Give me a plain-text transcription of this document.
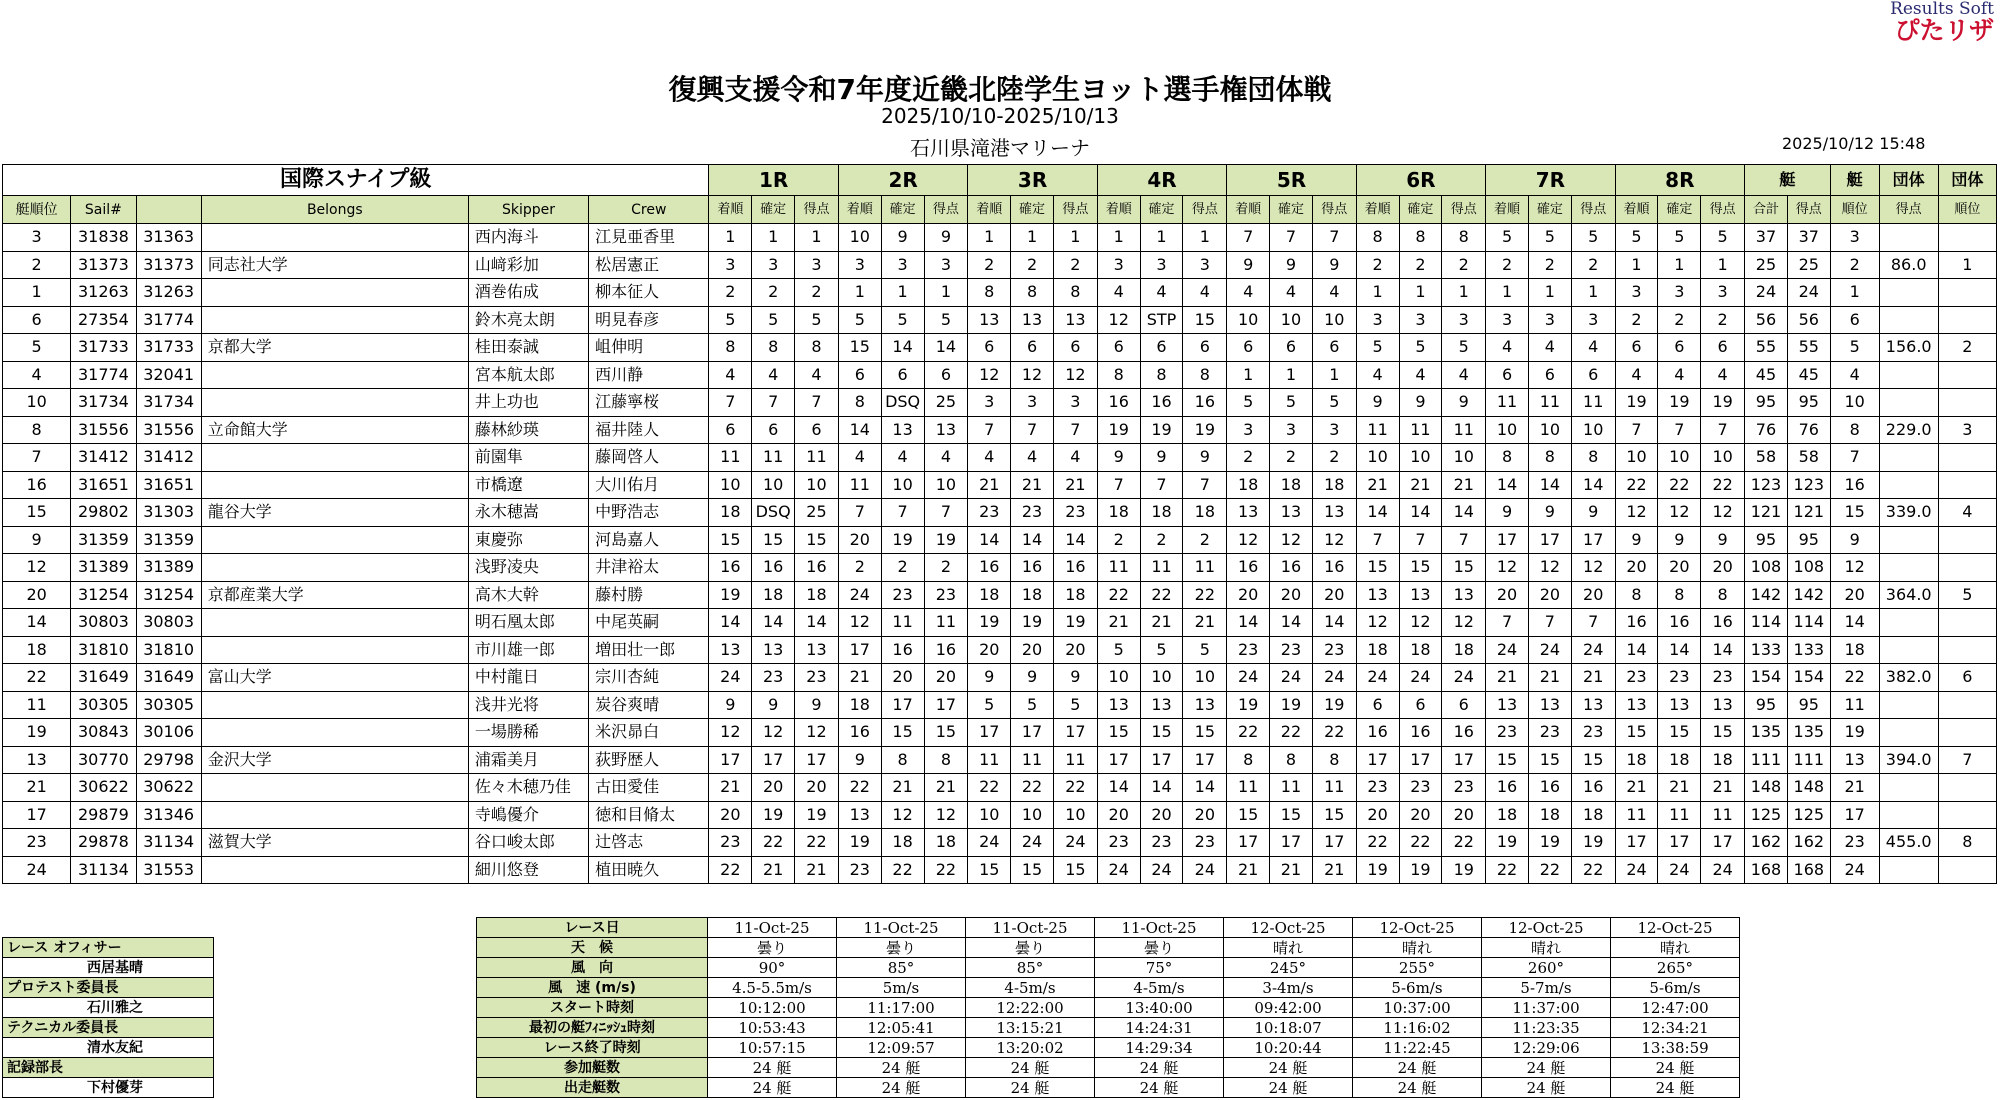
Results Soft
ぴたリザ
復興支援令和7年度近畿北陸学生ヨット選手権団体戦
2025/10/10-2025/10/13
石川県滝港マリーナ	2025/10/12 15:48
国際スナイプ級						1R			2R			3R			4R			5R			6R			7R			8R			艇		艇	団体	団体
艇順位	Sail#		Belongs	Skipper	Crew	着順	確定	得点	着順	確定	得点	着順	確定	得点	着順	確定	得点	着順	確定	得点	着順	確定	得点	着順	確定	得点	着順	確定	得点	合計	得点	順位	得点	順位
3	31838	31363		西内海斗	江見亜香里	1	1	1	10	9	9	1	1	1	1	1	1	7	7	7	8	8	8	5	5	5	5	5	5	37	37	3		
2	31373	31373	同志社大学	山﨑彩加	松居憲正	3	3	3	3	3	3	2	2	2	3	3	3	9	9	9	2	2	2	2	2	2	1	1	1	25	25	2	86.0	1
1	31263	31263		酒巻佑成	柳本征人	2	2	2	1	1	1	8	8	8	4	4	4	4	4	4	1	1	1	1	1	1	3	3	3	24	24	1		
6	27354	31774		鈴木亮太朗	明見春彦	5	5	5	5	5	5	13	13	13	12	STP	15	10	10	10	3	3	3	3	3	3	2	2	2	56	56	6		
5	31733	31733	京都大学	桂田泰誠	岨伸明	8	8	8	15	14	14	6	6	6	6	6	6	6	6	6	5	5	5	4	4	4	6	6	6	55	55	5	156.0	2
4	31774	32041		宮本航太郎	西川静	4	4	4	6	6	6	12	12	12	8	8	8	1	1	1	4	4	4	6	6	6	4	4	4	45	45	4		
10	31734	31734		井上功也	江藤寧桜	7	7	7	8	DSQ	25	3	3	3	16	16	16	5	5	5	9	9	9	11	11	11	19	19	19	95	95	10		
8	31556	31556	立命館大学	藤林紗瑛	福井陸人	6	6	6	14	13	13	7	7	7	19	19	19	3	3	3	11	11	11	10	10	10	7	7	7	76	76	8	229.0	3
7	31412	31412		前園隼	藤岡啓人	11	11	11	4	4	4	4	4	4	9	9	9	2	2	2	10	10	10	8	8	8	10	10	10	58	58	7		
16	31651	31651		市橋遼	大川佑月	10	10	10	11	10	10	21	21	21	7	7	7	18	18	18	21	21	21	14	14	14	22	22	22	123	123	16		
15	29802	31303	龍谷大学	永木穂嵩	中野浩志	18	DSQ	25	7	7	7	23	23	23	18	18	18	13	13	13	14	14	14	9	9	9	12	12	12	121	121	15	339.0	4
9	31359	31359		東慶弥	河島嘉人	15	15	15	20	19	19	14	14	14	2	2	2	12	12	12	7	7	7	17	17	17	9	9	9	95	95	9		
12	31389	31389		浅野凌央	井津裕太	16	16	16	2	2	2	16	16	16	11	11	11	16	16	16	15	15	15	12	12	12	20	20	20	108	108	12		
20	31254	31254	京都産業大学	高木大幹	藤村勝	19	18	18	24	23	23	18	18	18	22	22	22	20	20	20	13	13	13	20	20	20	8	8	8	142	142	20	364.0	5
14	30803	30803		明石凰太郎	中尾英嗣	14	14	14	12	11	11	19	19	19	21	21	21	14	14	14	12	12	12	7	7	7	16	16	16	114	114	14		
18	31810	31810		市川雄一郎	増田壮一郎	13	13	13	17	16	16	20	20	20	5	5	5	23	23	23	18	18	18	24	24	24	14	14	14	133	133	18		
22	31649	31649	富山大学	中村龍日	宗川杏純	24	23	23	21	20	20	9	9	9	10	10	10	24	24	24	24	24	24	21	21	21	23	23	23	154	154	22	382.0	6
11	30305	30305		浅井光将	炭谷爽晴	9	9	9	18	17	17	5	5	5	13	13	13	19	19	19	6	6	6	13	13	13	13	13	13	95	95	11		
19	30843	30106		一場勝稀	米沢昴白	12	12	12	16	15	15	17	17	17	15	15	15	22	22	22	16	16	16	23	23	23	15	15	15	135	135	19		
13	30770	29798	金沢大学	浦霜美月	荻野歴人	17	17	17	9	8	8	11	11	11	17	17	17	8	8	8	17	17	17	15	15	15	18	18	18	111	111	13	394.0	7
21	30622	30622		佐々木穂乃佳	古田愛佳	21	20	20	22	21	21	22	22	22	14	14	14	11	11	11	23	23	23	16	16	16	21	21	21	148	148	21		
17	29879	31346		寺嶋優介	徳和目脩太	20	19	19	13	12	12	10	10	10	20	20	20	15	15	15	20	20	20	18	18	18	11	11	11	125	125	17		
23	29878	31134	滋賀大学	谷口峻太郎	辻啓志	23	22	22	19	18	18	24	24	24	23	23	23	17	17	17	22	22	22	19	19	19	17	17	17	162	162	23	455.0	8
24	31134	31553		細川悠登	植田暁久	22	21	21	23	22	22	15	15	15	24	24	24	21	21	21	19	19	19	22	22	22	24	24	24	168	168	24		
レース オフィサー
西居基晴
プロテスト委員長
石川雅之
テクニカル委員長
清水友紀
記録部長
下村優芽
レース日	11-Oct-25	11-Oct-25	11-Oct-25	11-Oct-25	12-Oct-25	12-Oct-25	12-Oct-25	12-Oct-25
天　候	曇り	曇り	曇り	曇り	晴れ	晴れ	晴れ	晴れ
風　向	90°	85°	85°	75°	245°	255°	260°	265°
風　速 (m/s)	4.5-5.5m/s	5m/s	4-5m/s	4-5m/s	3-4m/s	5-6m/s	5-7m/s	5-6m/s
スタート時刻	10:12:00	11:17:00	12:22:00	13:40:00	09:42:00	10:37:00	11:37:00	12:47:00
最初の艇ﾌｨﾆｯｼｭ時刻	10:53:43	12:05:41	13:15:21	14:24:31	10:18:07	11:16:02	11:23:35	12:34:21
レース終了時刻	10:57:15	12:09:57	13:20:02	14:29:34	10:20:44	11:22:45	12:29:06	13:38:59
参加艇数	24 艇	24 艇	24 艇	24 艇	24 艇	24 艇	24 艇	24 艇
出走艇数	24 艇	24 艇	24 艇	24 艇	24 艇	24 艇	24 艇	24 艇
